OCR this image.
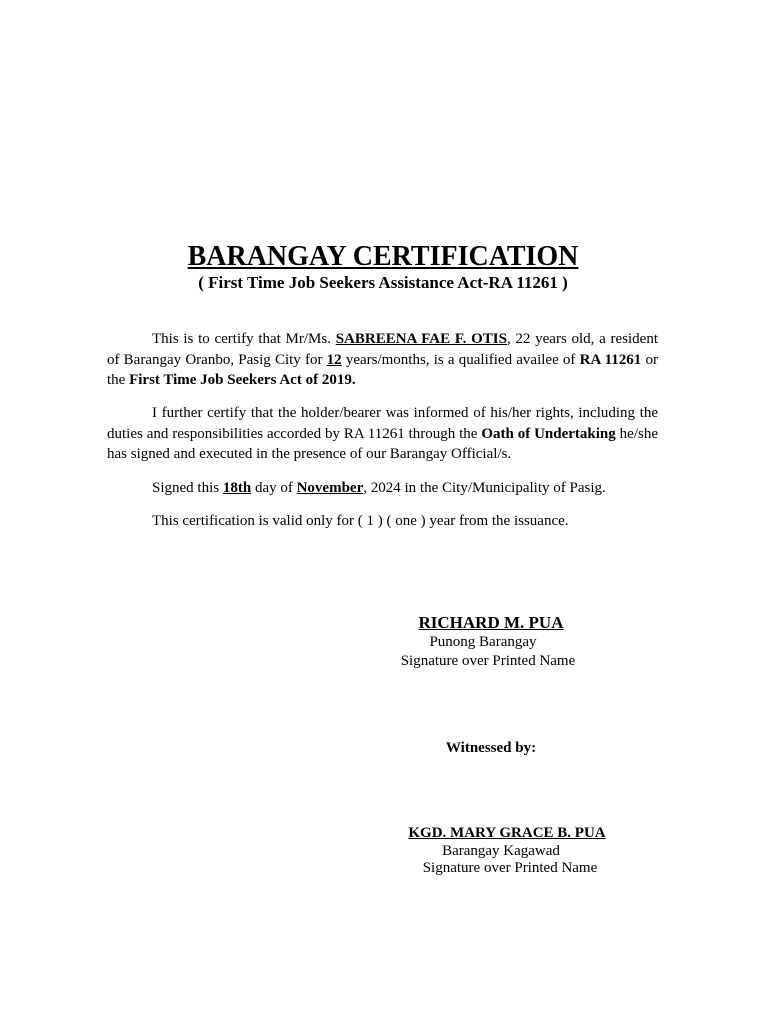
BARANGAY CERTIFICATION
( First Time Job Seekers Assistance Act-RA 11261 )

This is to certify that Mr/Ms. SABREENA FAE F. OTIS, 22 years old, a resident of Barangay Oranbo, Pasig City for 12 years/months, is a qualified availee of RA 11261 or the First Time Job Seekers Act of 2019.

I further certify that the holder/bearer was informed of his/her rights, including the duties and responsibilities accorded by RA 11261 through the Oath of Undertaking he/she has signed and executed in the presence of our Barangay Official/s.

Signed this 18th day of November, 2024 in the City/Municipality of Pasig.
This certification is valid only for ( 1 ) ( one ) year from the issuance.
RICHARD M. PUA
Punong Barangay
Signature over Printed Name
Witnessed by:
KGD. MARY GRACE B. PUA
Barangay Kagawad
Signature over Printed Name
